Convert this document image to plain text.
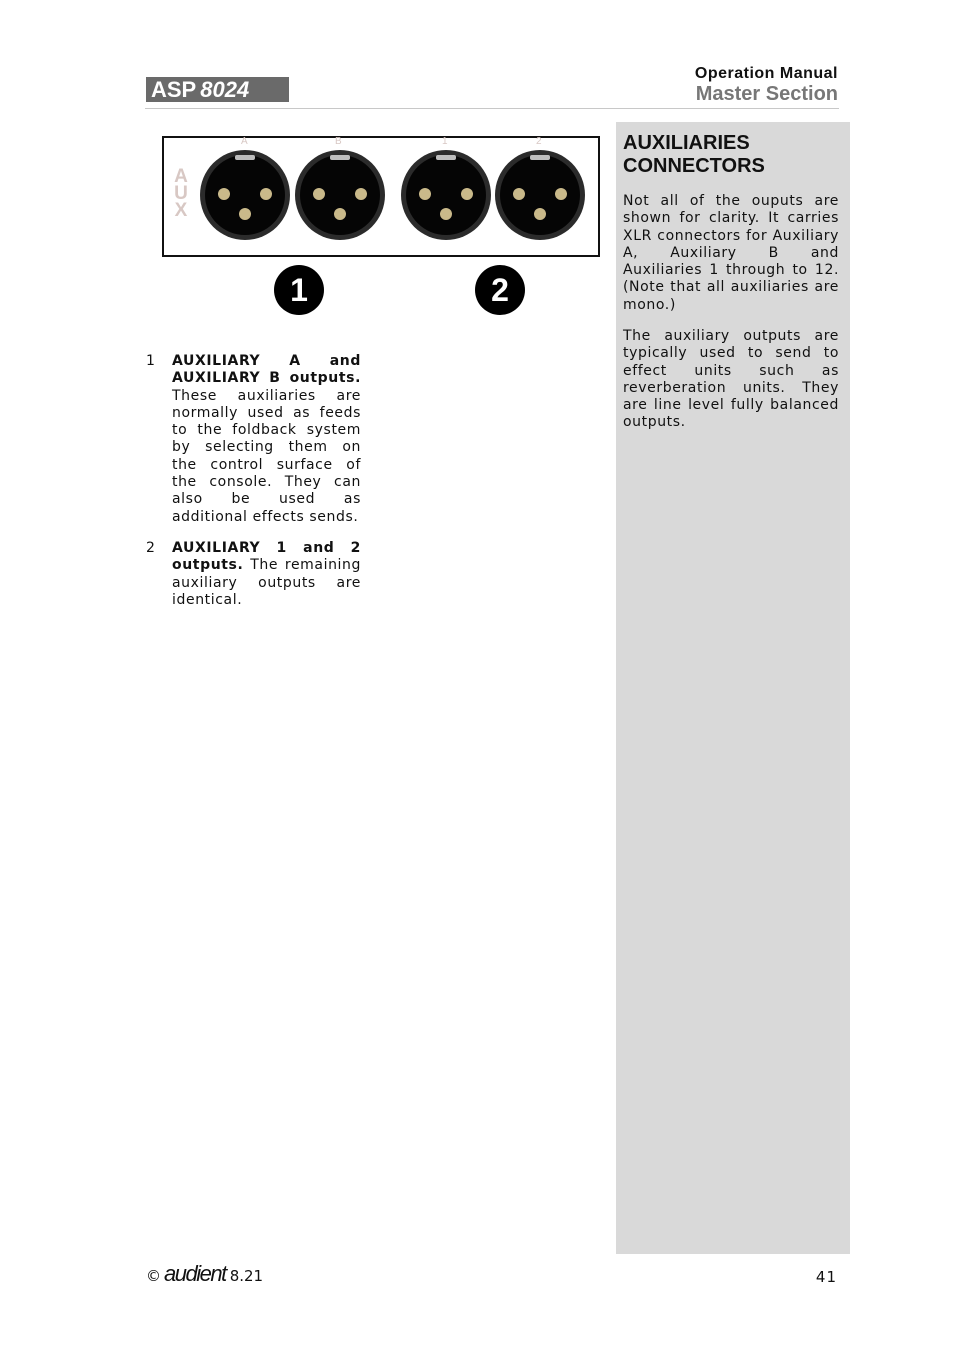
ASP 8024
Operation Manual
Master Section
AUXILIARIES CONNECTORS

Not all of the ouputs are shown for clarity. It carries XLR connectors for Auxiliary A, Auxiliary B and Auxiliaries 1 through to 12. (Note that all auxiliaries are mono.)

The auxiliary outputs are typically used to send to effect units such as reverberation units. They are line level fully balanced outputs.

A
U
X
A	B	1	2
1	2
1 AUXILIARY A and AUXILIARY B outputs. These auxiliaries are normally used as feeds to the foldback system by selecting them on the control surface of the console. They can also be used as additional effects sends.

2 AUXILIARY 1 and 2 outputs. The remaining auxiliary outputs are identical.

© audient 8.21	41
